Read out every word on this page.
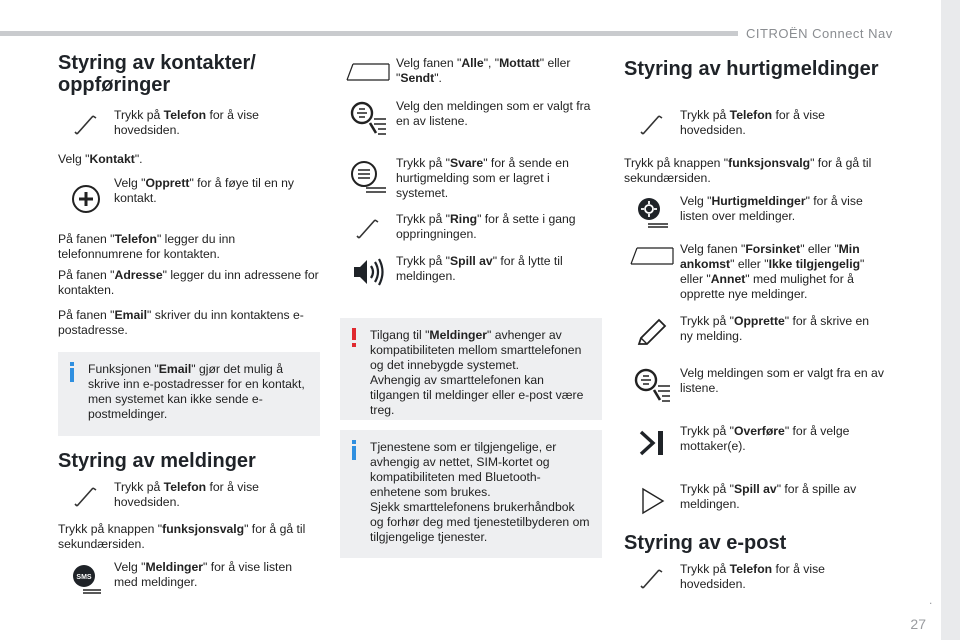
CITROËN Connect Nav
.
27
Styring av kontakter/
oppføringer
Trykk på Telefon for å vise hovedsiden.
Velg "Kontakt".
Velg "Opprett" for å føye til en ny kontakt.
På fanen "Telefon" legger du inn telefonnumrene for kontakten.
På fanen "Adresse" legger du inn adressene for kontakten.
På fanen "Email" skriver du inn kontaktens e-postadresse.
Funksjonen "Email" gjør det mulig å skrive inn e-postadresser for en kontakt, men systemet kan ikke sende e-postmeldinger.
Styring av meldinger
Trykk på Telefon for å vise hovedsiden.
Trykk på knappen "funksjonsvalg" for å gå til sekundærsiden.
SMS
Velg "Meldinger" for å vise listen med meldinger.
Velg fanen "Alle", "Mottatt" eller "Sendt".
Velg den meldingen som er valgt fra en av listene.
Trykk på "Svare" for å sende en hurtigmelding som er lagret i systemet.
Trykk på "Ring" for å sette i gang oppringningen.
Trykk på "Spill av" for å lytte til meldingen.
Tilgang til "Meldinger" avhenger av kompatibiliteten mellom smarttelefonen og det innebygde systemet.
Avhengig av smarttelefonen kan tilgangen til meldinger eller e-post være treg.
Tjenestene som er tilgjengelige, er avhengig av nettet, SIM-kortet og kompatibiliteten med Bluetooth-enhetene som brukes.
Sjekk smarttelefonens brukerhåndbok og forhør deg med tjenestetilbyderen om tilgjengelige tjenester.
Styring av hurtigmeldinger
Trykk på Telefon for å vise hovedsiden.
Trykk på knappen "funksjonsvalg" for å gå til sekundærsiden.
Velg "Hurtigmeldinger" for å vise listen over meldinger.
Velg fanen "Forsinket" eller "Min ankomst" eller "Ikke tilgjengelig" eller "Annet" med mulighet for å opprette nye meldinger.
Trykk på "Opprette" for å skrive en ny melding.
Velg meldingen som er valgt fra en av listene.
Trykk på "Overføre" for å velge mottaker(e).
Trykk på "Spill av" for å spille av meldingen.
Styring av e-post
Trykk på Telefon for å vise hovedsiden.
